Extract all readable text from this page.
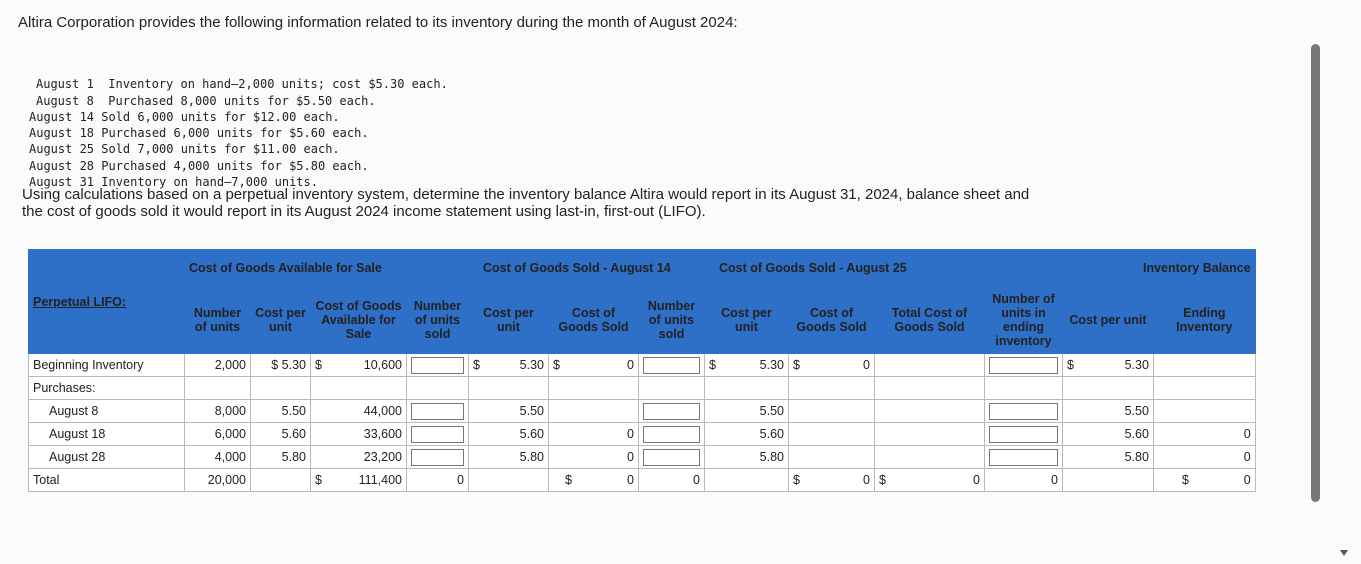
Altira Corporation provides the following information related to its inventory during the month of August 2024:

August 1  Inventory on hand–2,000 units; cost $5.30 each.
August 8  Purchased 8,000 units for $5.50 each.
August 14 Sold 6,000 units for $12.00 each.
August 18 Purchased 6,000 units for $5.60 each.
August 25 Sold 7,000 units for $11.00 each.
August 28 Purchased 4,000 units for $5.80 each.
August 31 Inventory on hand–7,000 units.

Using calculations based on a perpetual inventory system, determine the inventory balance Altira would report in its August 31, 2024, balance sheet and the cost of goods sold it would report in its August 2024 income statement using last-in, first-out (LIFO).
Perpetual LIFO:	Cost of Goods Available for Sale				Cost of Goods Sold - August 14			Cost of Goods Sold - August 25				Inventory Balance	
	Number of units	Cost per unit	Cost of Goods Available for Sale	Number of units sold	Cost per unit	Cost of Goods Sold	Number of units sold	Cost per unit	Cost of Goods Sold	Total Cost of Goods Sold	Number of units in ending inventory	Cost per unit	Ending Inventory
Beginning Inventory	2,000	$ 5.30	$ 10,600		$ 5.30	$ 0		$ 5.30	$ 0			$ 5.30	
Purchases:													
August 8	8,000	5.50	44,000		5.50			5.50				5.50	
August 18	6,000	5.60	33,600		5.60	0		5.60				5.60	0
August 28	4,000	5.80	23,200		5.80	0		5.80				5.80	0
Total	20,000		$ 111,400	0		$ 0	0		$ 0	$ 0	0		$ 0
